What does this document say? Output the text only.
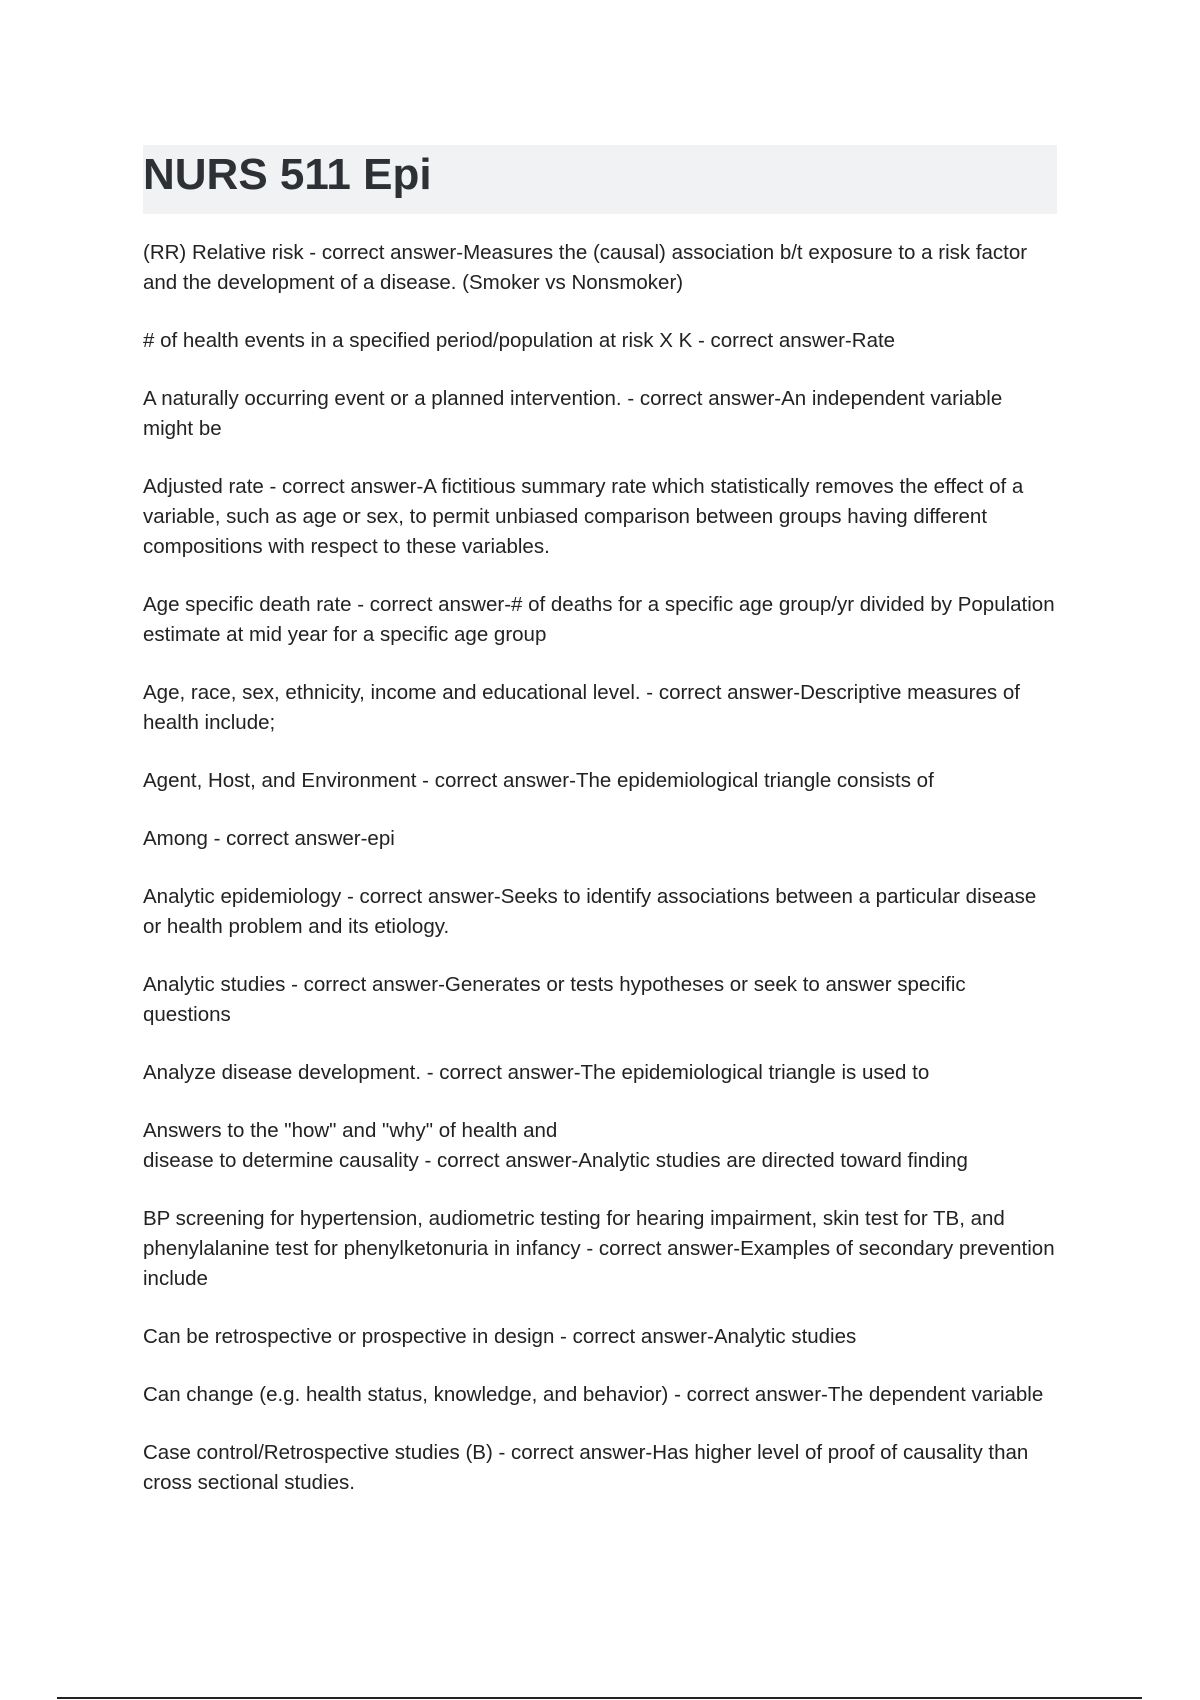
NURS 511 Epi

(RR) Relative risk - correct answer-Measures the (causal) association b/t exposure to a risk factor and the development of a disease. (Smoker vs Nonsmoker)

# of health events in a specified period/population at risk X K - correct answer-Rate

A naturally occurring event or a planned intervention. - correct answer-An independent variable might be

Adjusted rate - correct answer-A fictitious summary rate which statistically removes the effect of a variable, such as age or sex, to permit unbiased comparison between groups having different compositions with respect to these variables.

Age specific death rate - correct answer-# of deaths for a specific age group/yr divided by Population estimate at mid year for a specific age group

Age, race, sex, ethnicity, income and educational level. - correct answer-Descriptive measures of health include;

Agent, Host, and Environment - correct answer-The epidemiological triangle consists of

Among - correct answer-epi

Analytic epidemiology - correct answer-Seeks to identify associations between a particular disease or health problem and its etiology.

Analytic studies - correct answer-Generates or tests hypotheses or seek to answer specific questions

Analyze disease development. - correct answer-The epidemiological triangle is used to

Answers to the "how" and "why" of health and
disease to determine causality - correct answer-Analytic studies are directed toward finding

BP screening for hypertension, audiometric testing for hearing impairment, skin test for TB, and phenylalanine test for phenylketonuria in infancy - correct answer-Examples of secondary prevention include

Can be retrospective or prospective in design - correct answer-Analytic studies

Can change (e.g. health status, knowledge, and behavior) - correct answer-The dependent variable

Case control/Retrospective studies (B) - correct answer-Has higher level of proof of causality than cross sectional studies.
